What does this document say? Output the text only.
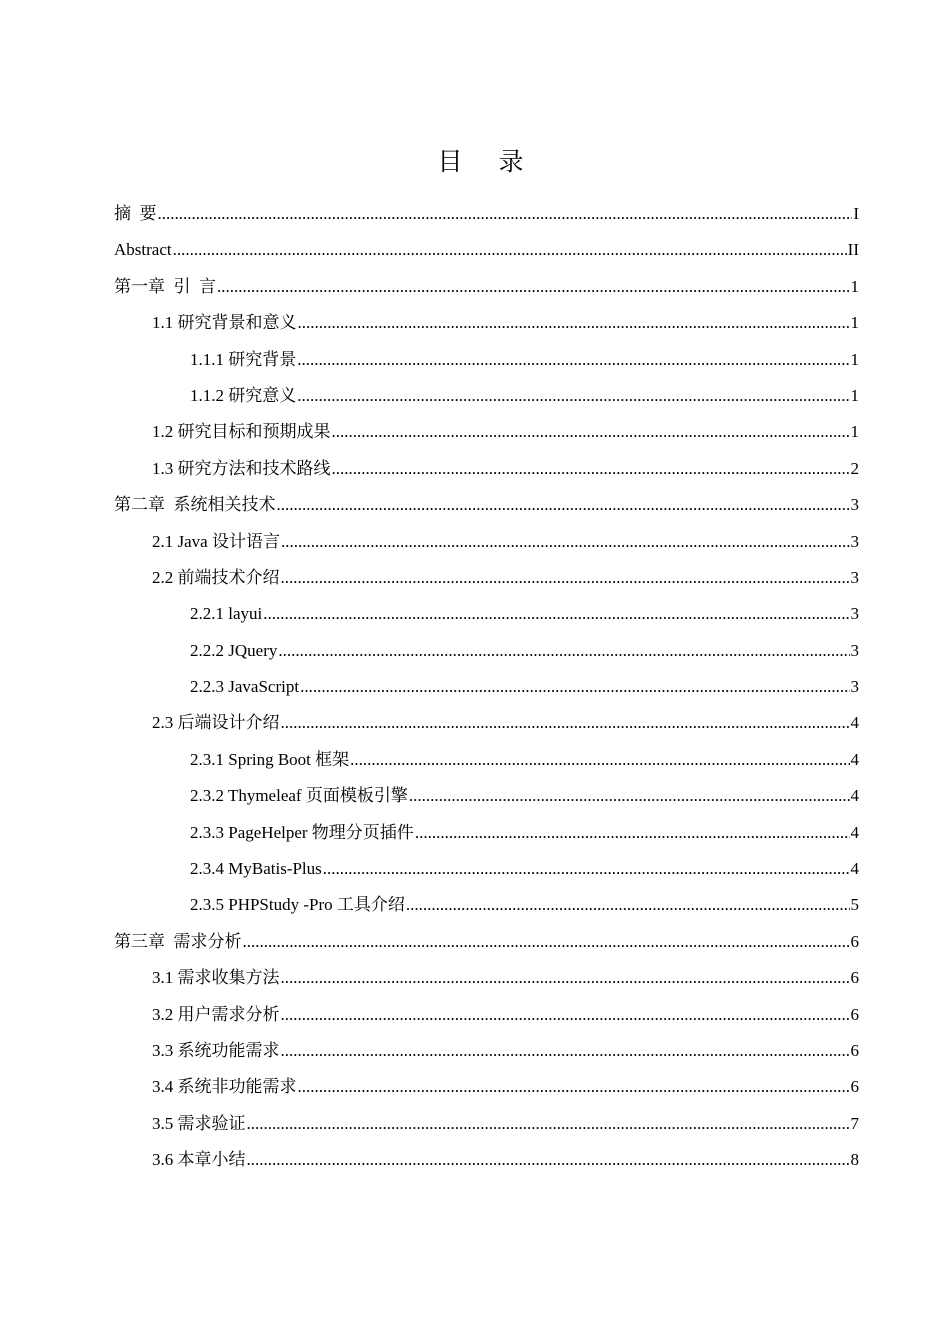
目 录
摘  要 .....	I
Abstract .....	II
第一章  引  言 .....	1
1.1 研究背景和意义 .....	1
1.1.1 研究背景 .....	1
1.1.2 研究意义 .....	1
1.2 研究目标和预期成果 .....	1
1.3 研究方法和技术路线 .....	2
第二章  系统相关技术 .....	3
2.1 Java 设计语言 .....	3
2.2 前端技术介绍 .....	3
2.2.1 layui .....	3
2.2.2 JQuery .....	3
2.2.3 JavaScript .....	3
2.3 后端设计介绍 .....	4
2.3.1 Spring Boot 框架 .....	4
2.3.2 Thymeleaf 页面模板引擎 .....	4
2.3.3 PageHelper 物理分页插件 .....	4
2.3.4 MyBatis-Plus .....	4
2.3.5 PHPStudy -Pro 工具介绍 .....	5
第三章  需求分析 .....	6
3.1 需求收集方法 .....	6
3.2 用户需求分析 .....	6
3.3 系统功能需求 .....	6
3.4 系统非功能需求 .....	6
3.5 需求验证 .....	7
3.6 本章小结 .....	8
